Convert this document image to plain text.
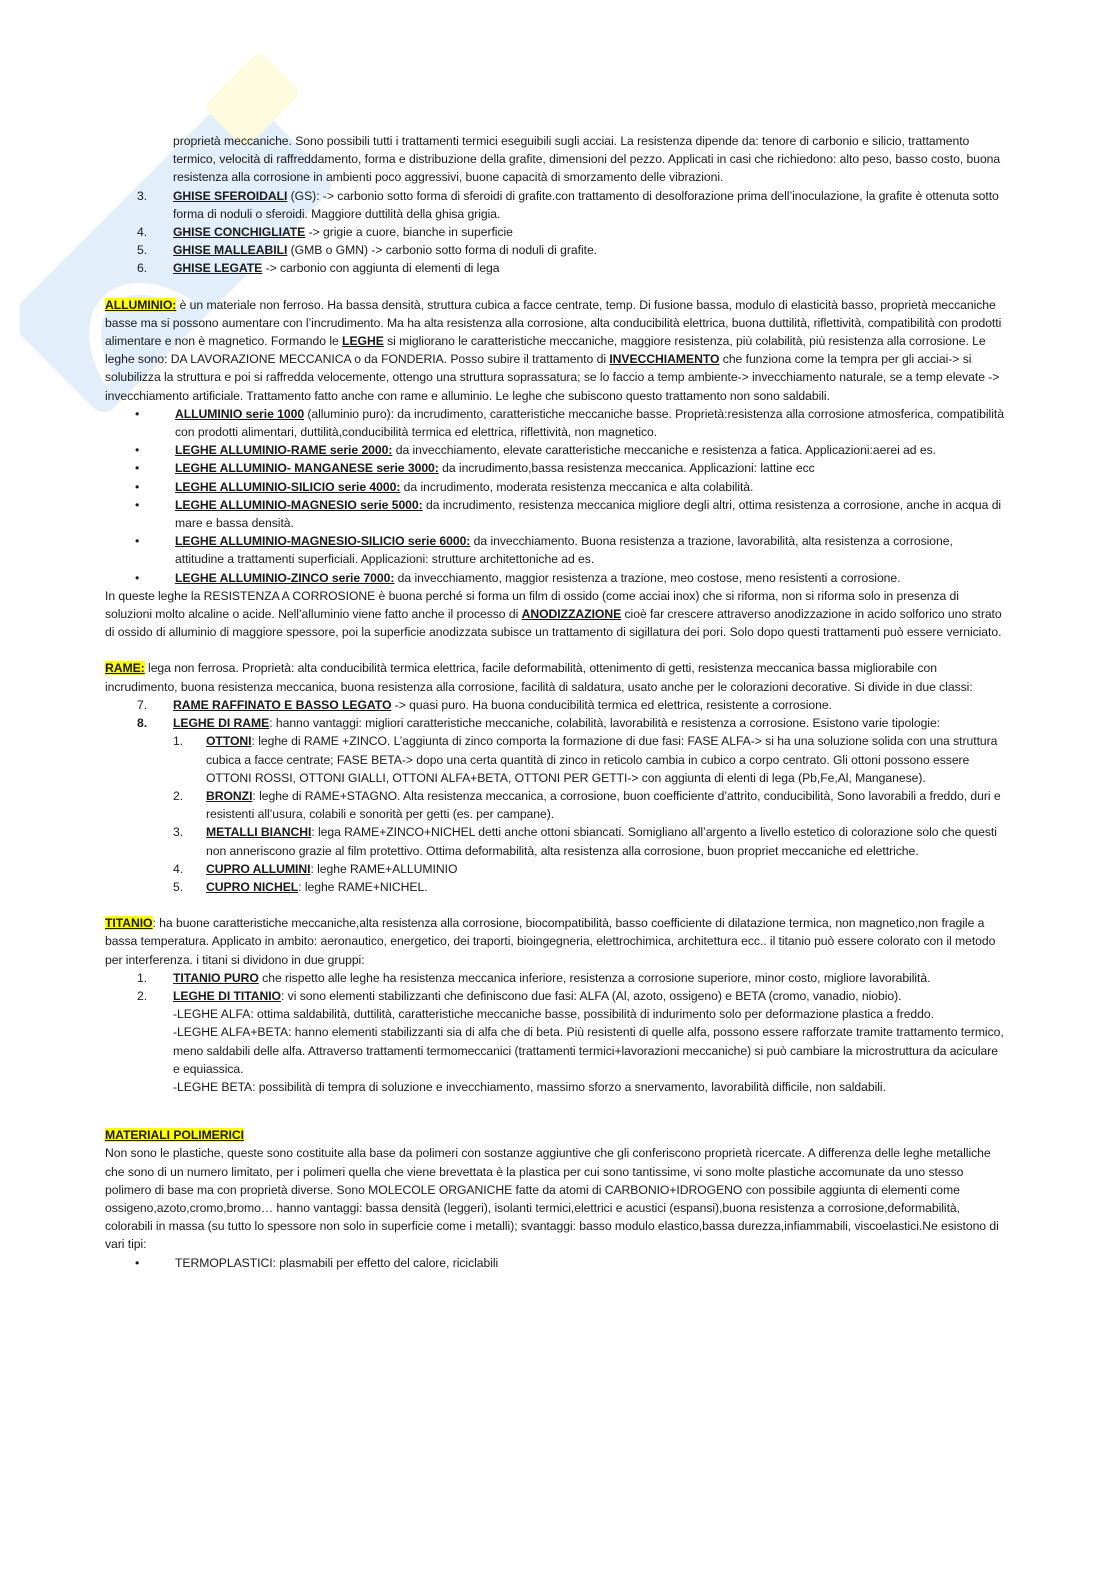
proprietà meccaniche. Sono possibili tutti i trattamenti termici eseguibili sugli acciai. La resistenza dipende da: tenore di carbonio e silicio, trattamento termico, velocità di raffreddamento, forma e distribuzione della grafite, dimensioni del pezzo. Applicati in casi che richiedono: alto peso, basso costo, buona resistenza alla corrosione in ambienti poco aggressivi, buone capacità di smorzamento delle vibrazioni.

3.	GHISE SFEROIDALI (GS): -> carbonio sotto forma di sferoidi di grafite.con trattamento di desolforazione prima dell’inoculazione, la grafite è ottenuta sotto forma di noduli o sferoidi. Maggiore duttilità della ghisa grigia.
4.	GHISE CONCHIGLIATE -> grigie a cuore, bianche in superficie
5.	GHISE MALLEABILI (GMB o GMN) -> carbonio sotto forma di noduli di grafite.
6.	GHISE LEGATE -> carbonio con aggiunta di elementi di lega

ALLUMINIO: è un materiale non ferroso. Ha bassa densità, struttura cubica a facce centrate, temp. Di fusione bassa, modulo di elasticità basso, proprietà meccaniche basse ma si possono aumentare con l’incrudimento. Ma ha alta resistenza alla corrosione, alta conducibilità elettrica, buona duttilità, riflettività, compatibilità con prodotti alimentare e non è magnetico. Formando le LEGHE si migliorano le caratteristiche meccaniche, maggiore resistenza, più colabilità, più resistenza alla corrosione. Le leghe sono: DA LAVORAZIONE MECCANICA o da FONDERIA. Posso subire il trattamento di INVECCHIAMENTO che funziona come la tempra per gli acciai-> si solubilizza la struttura e poi si raffredda velocemente, ottengo una struttura soprassatura; se lo faccio a temp ambiente-> invecchiamento naturale, se a temp elevate -> invecchiamento artificiale. Trattamento fatto anche con rame e alluminio. Le leghe che subiscono questo trattamento non sono saldabili.

•	ALLUMINIO serie 1000 (alluminio puro): da incrudimento, caratteristiche meccaniche basse. Proprietà:resistenza alla corrosione atmosferica, compatibilità con prodotti alimentari, duttilità,conducibilità termica ed elettrica, riflettività, non magnetico.
•	LEGHE ALLUMINIO-RAME serie 2000: da invecchiamento, elevate caratteristiche meccaniche e resistenza a fatica. Applicazioni:aerei ad es.
•	LEGHE ALLUMINIO- MANGANESE serie 3000: da incrudimento,bassa resistenza meccanica. Applicazioni: lattine ecc
•	LEGHE ALLUMINIO-SILICIO serie 4000: da incrudimento, moderata resistenza meccanica e alta colabilità.
•	LEGHE ALLUMINIO-MAGNESIO serie 5000: da incrudimento, resistenza meccanica migliore degli altri, ottima resistenza a corrosione, anche in acqua di mare e bassa densità.
•	LEGHE ALLUMINIO-MAGNESIO-SILICIO serie 6000: da invecchiamento. Buona resistenza a trazione, lavorabilità, alta resistenza a corrosione, attitudine a trattamenti superficiali. Applicazioni: strutture architettoniche ad es.
•	LEGHE ALLUMINIO-ZINCO serie 7000: da invecchiamento, maggior resistenza a trazione, meo costose, meno resistenti a corrosione.

In queste leghe la RESISTENZA A CORROSIONE è buona perché si forma un film di ossido (come acciai inox) che si riforma, non si riforma solo in presenza di soluzioni molto alcaline o acide. Nell’alluminio viene fatto anche il processo di ANODIZZAZIONE cioè far crescere attraverso anodizzazione in acido solforico uno strato di ossido di alluminio di maggiore spessore, poi la superficie anodizzata subisce un trattamento di sigillatura dei pori. Solo dopo questi trattamenti può essere verniciato.

RAME: lega non ferrosa. Proprietà: alta conducibilità termica elettrica, facile deformabilità, ottenimento di getti, resistenza meccanica bassa migliorabile con incrudimento, buona resistenza meccanica, buona resistenza alla corrosione, facilità di saldatura, usato anche per le colorazioni decorative. Si divide in due classi:

7.	RAME RAFFINATO E BASSO LEGATO -> quasi puro. Ha buona conducibilità termica ed elettrica, resistente a corrosione.
8.	LEGHE DI RAME: hanno vantaggi: migliori caratteristiche meccaniche, colabilità, lavorabilità e resistenza a corrosione. Esistono varie tipologie:
1.	OTTONI: leghe di RAME +ZINCO. L’aggiunta di zinco comporta la formazione di due fasi: FASE ALFA-> si ha una soluzione solida con una struttura cubica a facce centrate; FASE BETA-> dopo una certa quantità di zinco in reticolo cambia in cubico a corpo centrato. Gli ottoni possono essere OTTONI ROSSI, OTTONI GIALLI, OTTONI ALFA+BETA, OTTONI PER GETTI-> con aggiunta di elenti di lega (Pb,Fe,Al, Manganese).
2.	BRONZI: leghe di RAME+STAGNO. Alta resistenza meccanica, a corrosione, buon coefficiente d’attrito, conducibilità, Sono lavorabili a freddo, duri e resistenti all’usura, colabili e sonorità per getti (es. per campane).
3.	METALLI BIANCHI: lega RAME+ZINCO+NICHEL detti anche ottoni sbiancati. Somigliano all’argento a livello estetico di colorazione solo che questi non anneriscono grazie al film protettivo. Ottima deformabilità, alta resistenza alla corrosione, buon propriet meccaniche ed elettriche.
4.	CUPRO ALLUMINI: leghe RAME+ALLUMINIO
5.	CUPRO NICHEL: leghe RAME+NICHEL.

TITANIO: ha buone caratteristiche meccaniche,alta resistenza alla corrosione, biocompatibilità, basso coefficiente di dilatazione termica, non magnetico,non fragile a bassa temperatura. Applicato in ambito: aeronautico, energetico, dei traporti, bioingegneria, elettrochimica, architettura ecc.. il titanio può essere colorato con il metodo per interferenza. i titani si dividono in due gruppi:

1.	TITANIO PURO che rispetto alle leghe ha resistenza meccanica inferiore, resistenza a corrosione superiore, minor costo, migliore lavorabilità.
2.	LEGHE DI TITANIO: vi sono elementi stabilizzanti che definiscono due fasi: ALFA (Al, azoto, ossigeno) e BETA (cromo, vanadio, niobio).

-LEGHE ALFA: ottima saldabilità, duttilità, caratteristiche meccaniche basse, possibilità di indurimento solo per deformazione plastica a freddo.

-LEGHE ALFA+BETA: hanno elementi stabilizzanti sia di alfa che di beta. Più resistenti di quelle alfa, possono essere rafforzate tramite trattamento termico, meno saldabili delle alfa. Attraverso trattamenti termomeccanici (trattamenti termici+lavorazioni meccaniche) si può cambiare la microstruttura da aciculare e equiassica.

-LEGHE BETA: possibilità di tempra di soluzione e invecchiamento, massimo sforzo a snervamento, lavorabilità difficile, non saldabili.

MATERIALI POLIMERICI

Non sono le plastiche, queste sono costituite alla base da polimeri con sostanze aggiuntive che gli conferiscono proprietà ricercate. A differenza delle leghe metalliche che sono di un numero limitato, per i polimeri quella che viene brevettata è la plastica per cui sono tantissime, vi sono molte plastiche accomunate da uno stesso polimero di base ma con proprietà diverse. Sono MOLECOLE ORGANICHE fatte da atomi di CARBONIO+IDROGENO con possibile aggiunta di elementi come ossigeno,azoto,cromo,bromo… hanno vantaggi: bassa densità (leggeri), isolanti termici,elettrici e acustici (espansi),buona resistenza a corrosione,deformabilità, colorabili in massa (su tutto lo spessore non solo in superficie come i metalli); svantaggi: basso modulo elastico,bassa durezza,infiammabili, viscoelastici.Ne esistono di vari tipi:

•	TERMOPLASTICI: plasmabili per effetto del calore, riciclabili
